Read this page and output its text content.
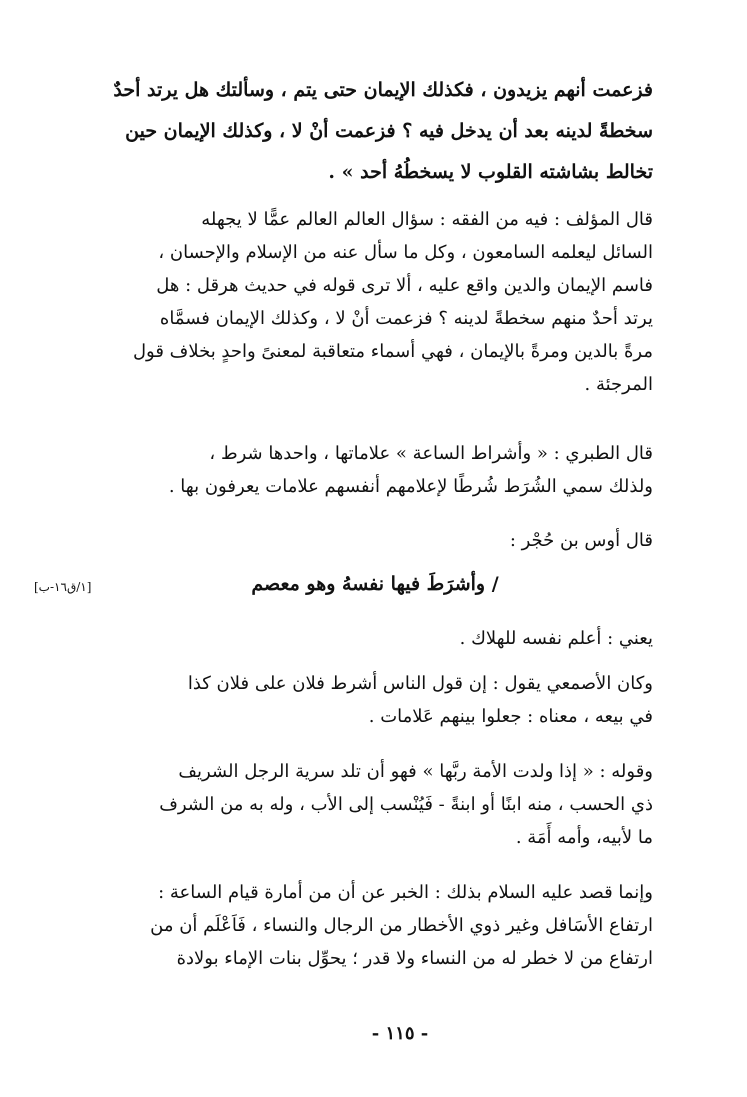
فزعمت أنهم يزيدون ، فكذلك الإيمان حتى يتم ، وسألتك هل يرتد أحدٌ
سخطةً لدينه بعد أن يدخل فيه ؟ فزعمت أنْ لا ، وكذلك الإيمان حين
تخالط بشاشته القلوب لا يسخطُهُ أحد » .
قال المؤلف : فيه من الفقه : سؤال العالم العالم عمًّا لا يجهله
السائل ليعلمه السامعون ، وكل ما سأل عنه من الإسلام والإحسان ،
فاسم الإيمان والدين واقع عليه ، ألا ترى قوله في حديث هرقل : هل
يرتد أحدٌ منهم سخطةً لدينه ؟ فزعمت أنْ لا ، وكذلك الإيمان فسمَّاه
مرةً بالدين ومرةً بالإيمان ، فهي أسماء متعاقبة لمعنىً واحدٍ بخلاف قول
المرجئة .
قال الطبري : « وأشراط الساعة » علاماتها ، واحدها شرط ،
ولذلك سمي الشُرَط شُرطًا لإعلامهم أنفسهم علامات يعرفون بها .
قال أوس بن حُجْر :
/ وأشرَطَ فيها نفسهُ وهو معصم
[١/ق١٦-ب]
يعني : أعلم نفسه للهلاك .
وكان الأصمعي يقول : إن قول الناس أشرط فلان على فلان كذا
في بيعه ، معناه : جعلوا بينهم عَلامات .
وقوله : « إذا ولدت الأمة ربَّها » فهو أن تلد سرية الرجل الشريف
ذي الحسب ، منه ابنًا أو ابنةً - فَيُنْسب إلى الأب ، وله به من الشرف
ما لأبيه، وأمه أَمَة .
وإنما قصد عليه السلام بذلك : الخبر عن أن من أمارة قيام الساعة :
ارتفاع الأسَافل وغير ذوي الأخطار من الرجال والنساء ، فَاَعْلَم أن من
ارتفاع من لا خطر له من النساء ولا قدر ؛ يحوِّل بنات الإماء بولادة
- ١١٥ -
